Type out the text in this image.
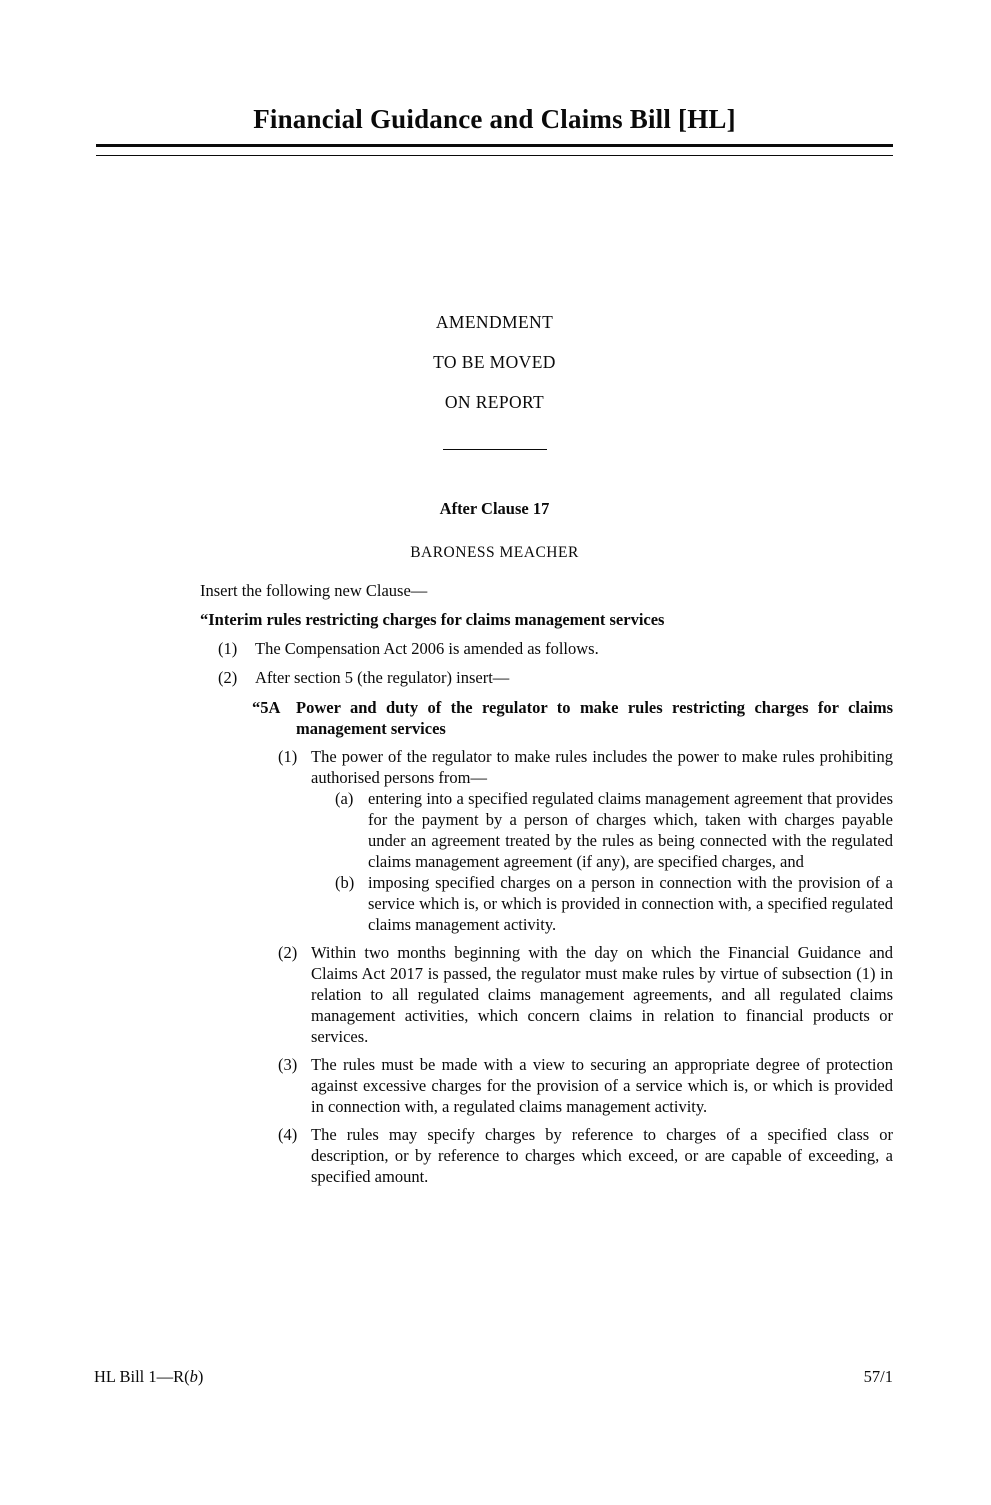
Financial Guidance and Claims Bill [HL]
AMENDMENT
TO BE MOVED
ON REPORT
After Clause 17
BARONESS MEACHER
Insert the following new Clause—
“Interim rules restricting charges for claims management services
(1)	The Compensation Act 2006 is amended as follows.
(2)	After section 5 (the regulator) insert—
“5A Power and duty of the regulator to make rules restricting charges for claims management services
(1) The power of the regulator to make rules includes the power to make rules prohibiting authorised persons from—
(a) entering into a specified regulated claims management agreement that provides for the payment by a person of charges which, taken with charges payable under an agreement treated by the rules as being connected with the regulated claims management agreement (if any), are specified charges, and
(b) imposing specified charges on a person in connection with the provision of a service which is, or which is provided in connection with, a specified regulated claims management activity.
(2) Within two months beginning with the day on which the Financial Guidance and Claims Act 2017 is passed, the regulator must make rules by virtue of subsection (1) in relation to all regulated claims management agreements, and all regulated claims management activities, which concern claims in relation to financial products or services.
(3) The rules must be made with a view to securing an appropriate degree of protection against excessive charges for the provision of a service which is, or which is provided in connection with, a regulated claims management activity.
(4) The rules may specify charges by reference to charges of a specified class or description, or by reference to charges which exceed, or are capable of exceeding, a specified amount.
HL Bill 1—R(b)	57/1
